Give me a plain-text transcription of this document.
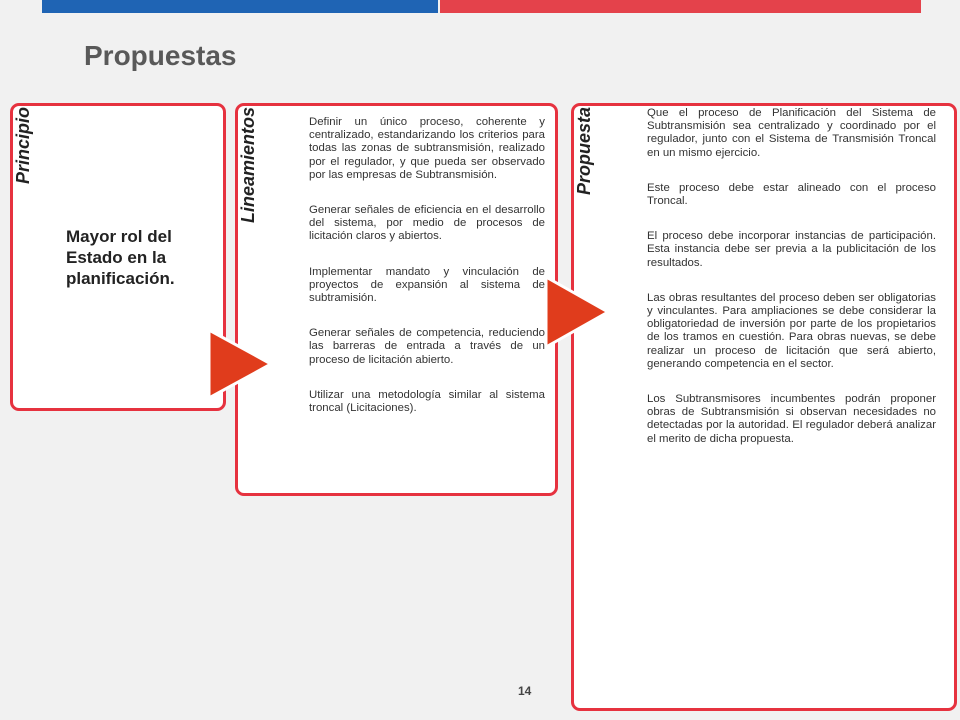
Propuestas
Principio
Mayor rol del Estado en la planificación.
Lineamientos	Definir un único proceso, coherente y centralizado, estandarizando los criterios para todas las zonas de subtransmisión, realizado por el regulador, y que pueda ser observado por las empresas de Subtransmisión.
Generar señales de eficiencia en el desarrollo del sistema, por medio de procesos de licitación claros y abiertos.
Implementar mandato y vinculación de proyectos de expansión al sistema de subtramisión.
Generar señales de competencia, reduciendo las barreras de entrada a través de un proceso de licitación abierto.
Utilizar una metodología similar al sistema troncal (Licitaciones).
Propuesta	Que el proceso de Planificación del Sistema de Subtransmisión sea centralizado y coordinado por el regulador, junto con el Sistema de Transmisión Troncal en un mismo ejercicio.
Este proceso debe estar alineado con el proceso Troncal.
El proceso debe incorporar instancias de participación. Esta instancia debe ser previa a la publicitación de los resultados.
Las obras resultantes del proceso deben ser obligatorias y vinculantes. Para ampliaciones se debe considerar la obligatoriedad de inversión por parte de los propietarios de los tramos en cuestión. Para obras nuevas, se debe realizar un proceso de licitación que será abierto, generando competencia en el sector.
Los Subtransmisores incumbentes podrán proponer obras de Subtransmisión si observan necesidades no detectadas por la autoridad. El regulador deberá analizar el merito de dicha propuesta.
14
